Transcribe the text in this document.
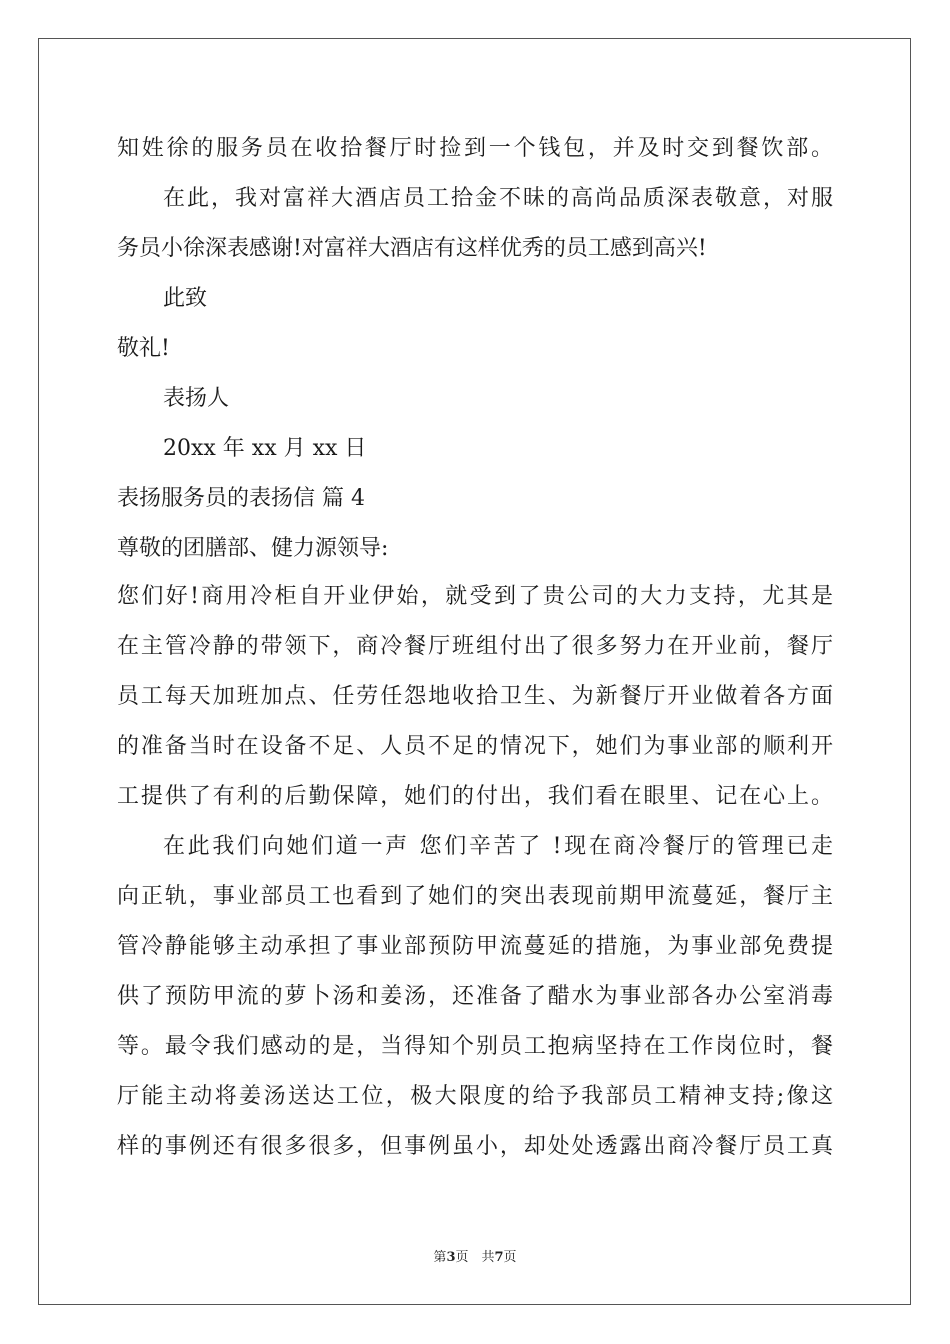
知姓徐的服务员在收拾餐厅时捡到一个钱包，并及时交到餐饮部。

在此，我对富祥大酒店员工拾金不昧的高尚品质深表敬意，对服

务员小徐深表感谢!对富祥大酒店有这样优秀的员工感到高兴!

此致

敬礼!

表扬人

20xx 年 xx 月 xx 日

表扬服务员的表扬信 篇 4

尊敬的团膳部、健力源领导:

您们好!商用冷柜自开业伊始，就受到了贵公司的大力支持，尤其是

在主管冷静的带领下，商冷餐厅班组付出了很多努力在开业前，餐厅

员工每天加班加点、任劳任怨地收拾卫生、为新餐厅开业做着各方面

的准备当时在设备不足、人员不足的情况下，她们为事业部的顺利开

工提供了有利的后勤保障，她们的付出，我们看在眼里、记在心上。

在此我们向她们道一声 您们辛苦了 !现在商冷餐厅的管理已走

向正轨，事业部员工也看到了她们的突出表现前期甲流蔓延，餐厅主

管冷静能够主动承担了事业部预防甲流蔓延的措施，为事业部免费提

供了预防甲流的萝卜汤和姜汤，还准备了醋水为事业部各办公室消毒

等。最令我们感动的是，当得知个别员工抱病坚持在工作岗位时，餐

厅能主动将姜汤送达工位，极大限度的给予我部员工精神支持;像这

样的事例还有很多很多，但事例虽小，却处处透露出商冷餐厅员工真

第3页　共7页
